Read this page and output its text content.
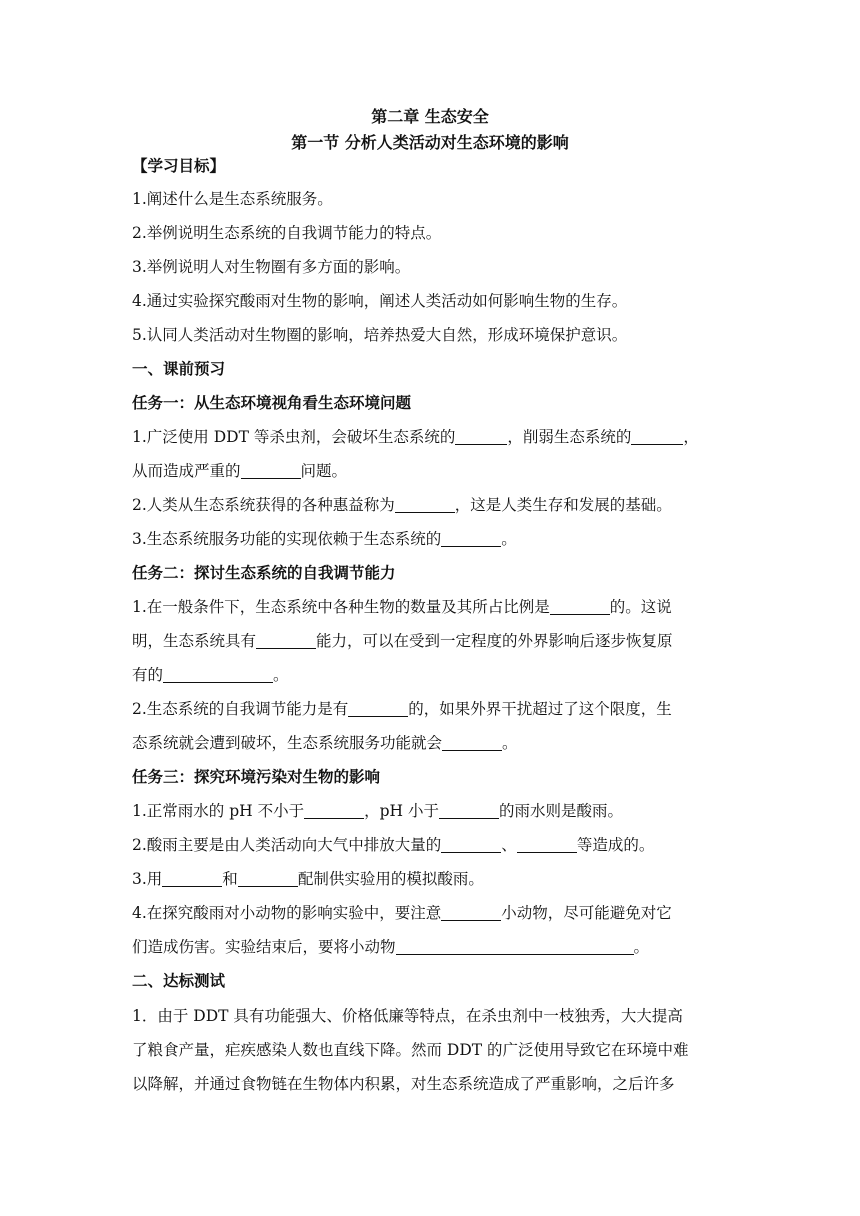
第二章 生态安全
第一节 分析人类活动对生态环境的影响
【学习目标】
1.阐述什么是生态系统服务。
2.举例说明生态系统的自我调节能力的特点。
3.举例说明人对生物圈有多方面的影响。
4.通过实验探究酸雨对生物的影响，阐述人类活动如何影响生物的生存。
5.认同人类活动对生物圈的影响，培养热爱大自然，形成环境保护意识。
一、课前预习
任务一：从生态环境视角看生态环境问题
1.广泛使用 DDT 等杀虫剂，会破坏生态系统的	，削弱生态系统的	，
从而造成严重的	问题。
2.人类从生态系统获得的各种惠益称为	，这是人类生存和发展的基础。
3.生态系统服务功能的实现依赖于生态系统的	。
任务二：探讨生态系统的自我调节能力
1.在一般条件下，生态系统中各种生物的数量及其所占比例是	的。这说
明，生态系统具有	能力，可以在受到一定程度的外界影响后逐步恢复原
有的	。
2.生态系统的自我调节能力是有	的，如果外界干扰超过了这个限度，生
态系统就会遭到破坏，生态系统服务功能就会	。
任务三：探究环境污染对生物的影响
1.正常雨水的 pH 不小于	，pH 小于	的雨水则是酸雨。
2.酸雨主要是由人类活动向大气中排放大量的	、	等造成的。
3.用	和	配制供实验用的模拟酸雨。
4.在探究酸雨对小动物的影响实验中，要注意	小动物，尽可能避免对它
们造成伤害。实验结束后，要将小动物	。
二、达标测试
1．由于 DDT 具有功能强大、价格低廉等特点，在杀虫剂中一枝独秀，大大提高
了粮食产量，疟疾感染人数也直线下降。然而 DDT 的广泛使用导致它在环境中难
以降解，并通过食物链在生物体内积累，对生态系统造成了严重影响，之后许多
